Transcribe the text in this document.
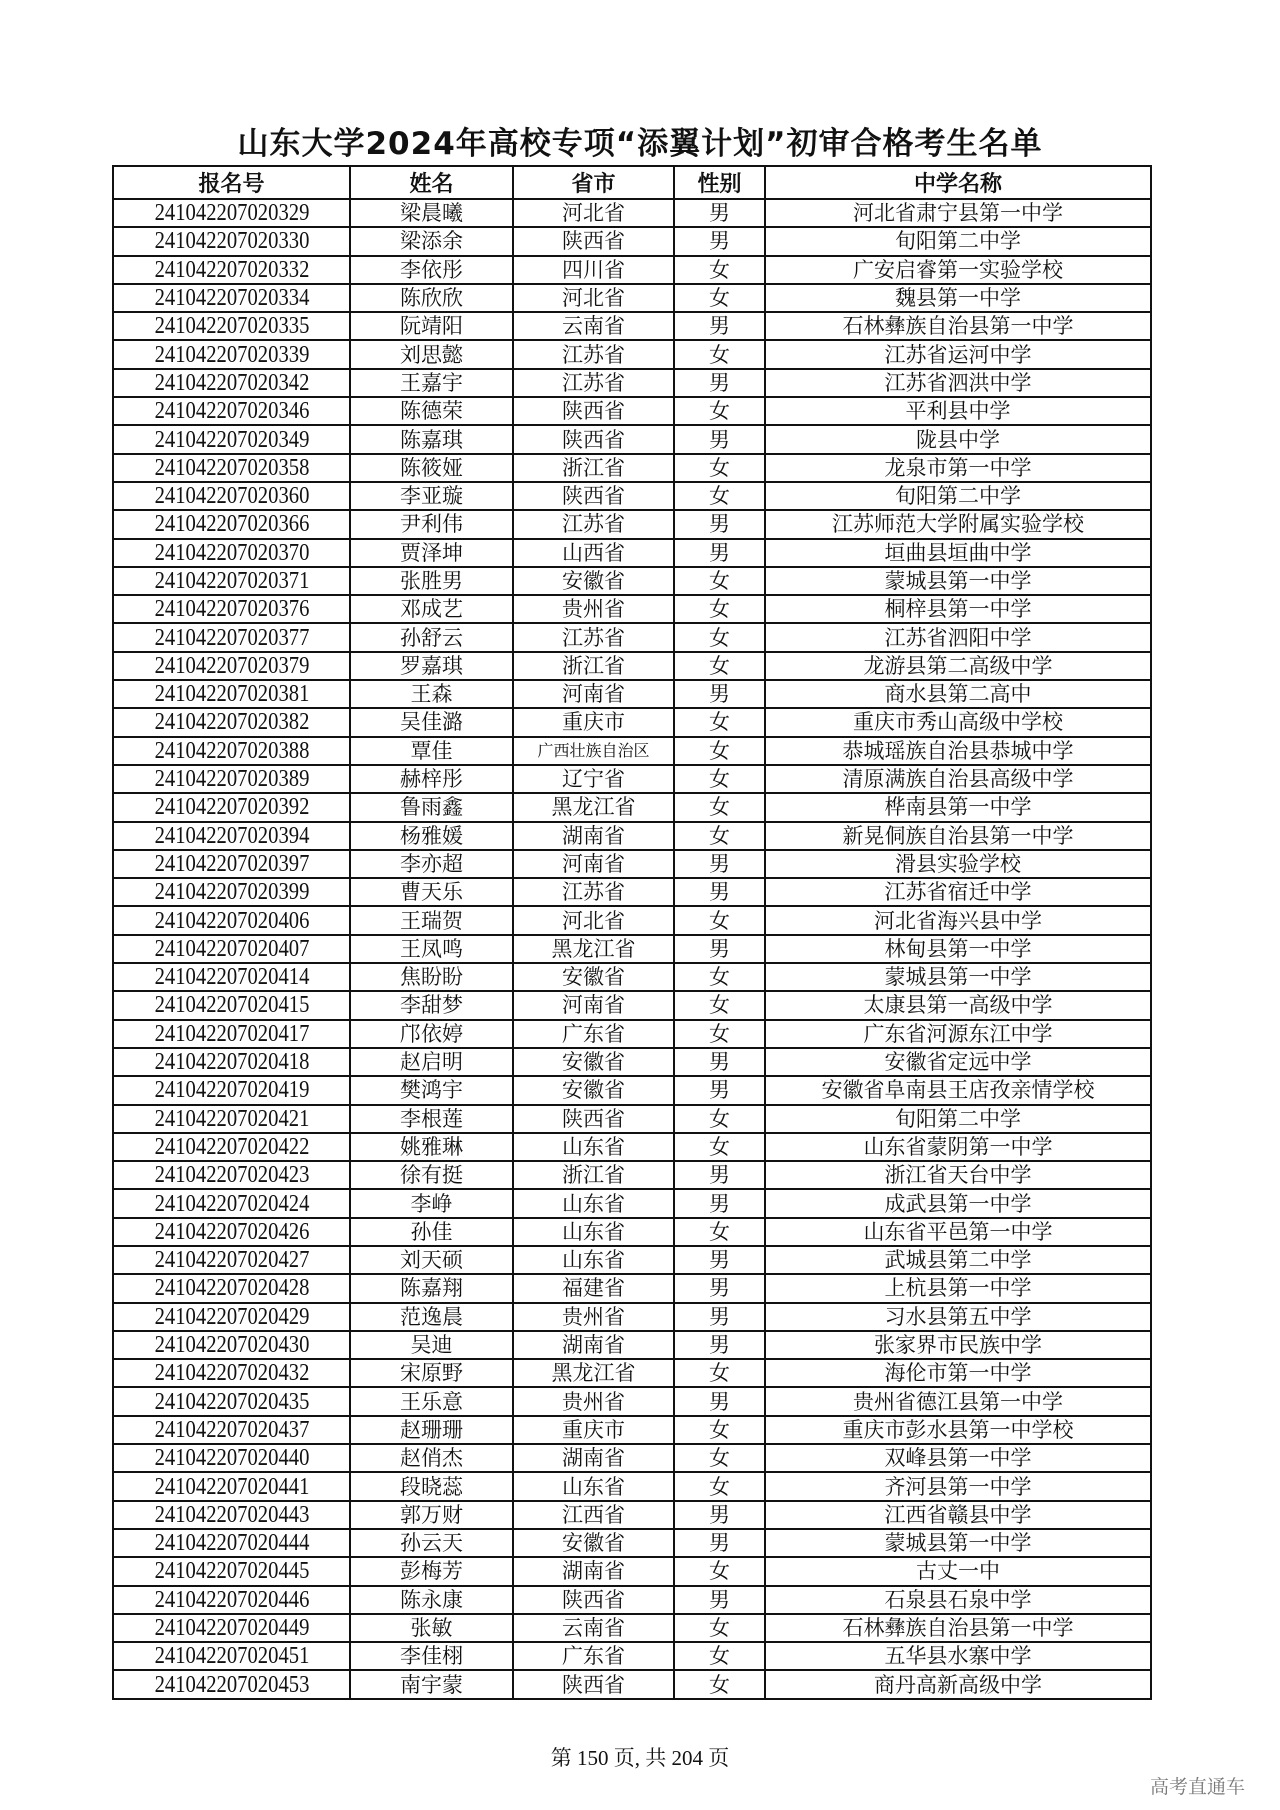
山东大学2024年高校专项“添翼计划”初审合格考生名单
报名号	姓名	省市	性别	中学名称
241042207020329	梁晨曦	河北省	男	河北省肃宁县第一中学
241042207020330	梁添余	陕西省	男	旬阳第二中学
241042207020332	李依彤	四川省	女	广安启睿第一实验学校
241042207020334	陈欣欣	河北省	女	魏县第一中学
241042207020335	阮靖阳	云南省	男	石林彝族自治县第一中学
241042207020339	刘思懿	江苏省	女	江苏省运河中学
241042207020342	王嘉宇	江苏省	男	江苏省泗洪中学
241042207020346	陈德荣	陕西省	女	平利县中学
241042207020349	陈嘉琪	陕西省	男	陇县中学
241042207020358	陈筱娅	浙江省	女	龙泉市第一中学
241042207020360	李亚璇	陕西省	女	旬阳第二中学
241042207020366	尹利伟	江苏省	男	江苏师范大学附属实验学校
241042207020370	贾泽坤	山西省	男	垣曲县垣曲中学
241042207020371	张胜男	安徽省	女	蒙城县第一中学
241042207020376	邓成艺	贵州省	女	桐梓县第一中学
241042207020377	孙舒云	江苏省	女	江苏省泗阳中学
241042207020379	罗嘉琪	浙江省	女	龙游县第二高级中学
241042207020381	王森	河南省	男	商水县第二高中
241042207020382	吴佳潞	重庆市	女	重庆市秀山高级中学校
241042207020388	覃佳	广西壮族自治区	女	恭城瑶族自治县恭城中学
241042207020389	赫梓彤	辽宁省	女	清原满族自治县高级中学
241042207020392	鲁雨鑫	黑龙江省	女	桦南县第一中学
241042207020394	杨雅媛	湖南省	女	新晃侗族自治县第一中学
241042207020397	李亦超	河南省	男	滑县实验学校
241042207020399	曹天乐	江苏省	男	江苏省宿迁中学
241042207020406	王瑞贺	河北省	女	河北省海兴县中学
241042207020407	王凤鸣	黑龙江省	男	林甸县第一中学
241042207020414	焦盼盼	安徽省	女	蒙城县第一中学
241042207020415	李甜梦	河南省	女	太康县第一高级中学
241042207020417	邝依婷	广东省	女	广东省河源东江中学
241042207020418	赵启明	安徽省	男	安徽省定远中学
241042207020419	樊鸿宇	安徽省	男	安徽省阜南县王店孜亲情学校
241042207020421	李根莲	陕西省	女	旬阳第二中学
241042207020422	姚雅琳	山东省	女	山东省蒙阴第一中学
241042207020423	徐有挺	浙江省	男	浙江省天台中学
241042207020424	李峥	山东省	男	成武县第一中学
241042207020426	孙佳	山东省	女	山东省平邑第一中学
241042207020427	刘天硕	山东省	男	武城县第二中学
241042207020428	陈嘉翔	福建省	男	上杭县第一中学
241042207020429	范逸晨	贵州省	男	习水县第五中学
241042207020430	吴迪	湖南省	男	张家界市民族中学
241042207020432	宋原野	黑龙江省	女	海伦市第一中学
241042207020435	王乐意	贵州省	男	贵州省德江县第一中学
241042207020437	赵珊珊	重庆市	女	重庆市彭水县第一中学校
241042207020440	赵俏杰	湖南省	女	双峰县第一中学
241042207020441	段晓蕊	山东省	女	齐河县第一中学
241042207020443	郭万财	江西省	男	江西省赣县中学
241042207020444	孙云天	安徽省	男	蒙城县第一中学
241042207020445	彭梅芳	湖南省	女	古丈一中
241042207020446	陈永康	陕西省	男	石泉县石泉中学
241042207020449	张敏	云南省	女	石林彝族自治县第一中学
241042207020451	李佳栩	广东省	女	五华县水寨中学
241042207020453	南宇蒙	陕西省	女	商丹高新高级中学
第 150 页, 共 204 页
高考直通车
